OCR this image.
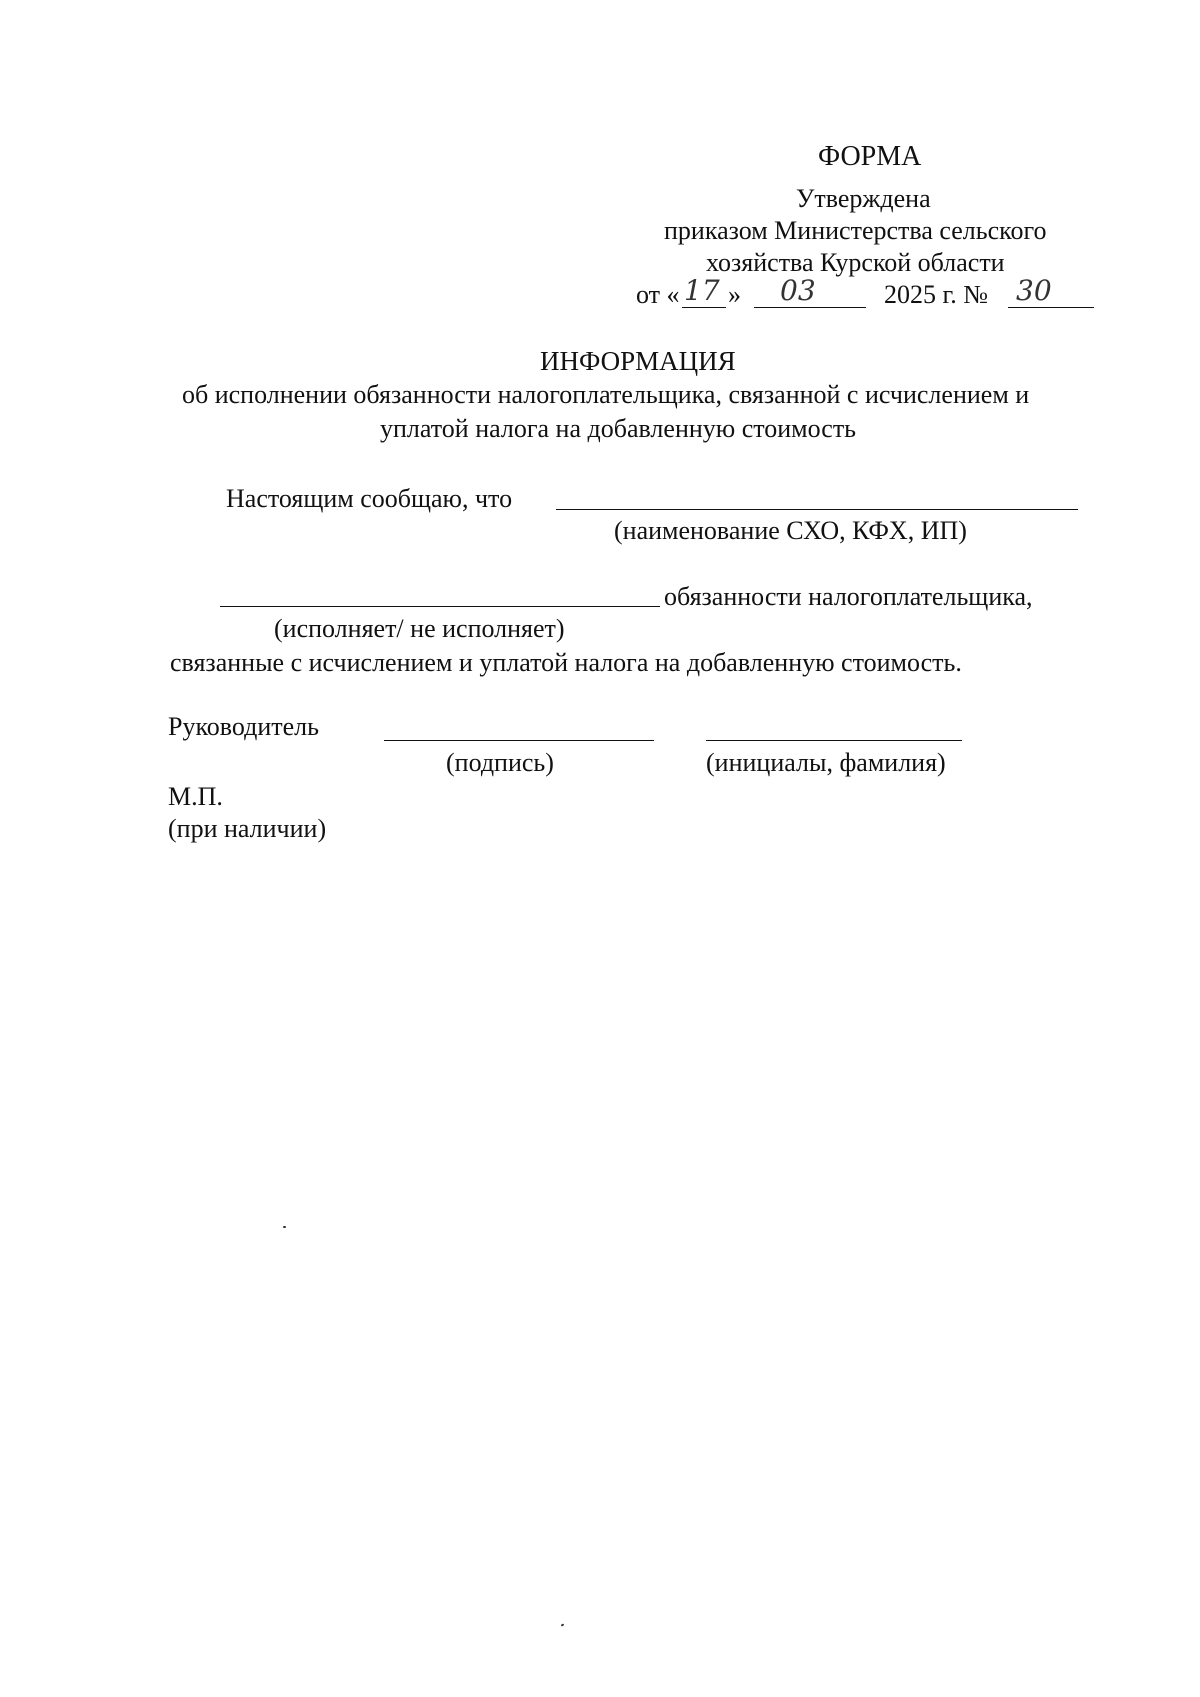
ФОРМА
Утверждена
приказом Министерства сельского
хозяйства Курской области
от « 17 » 03	2025 г. № 30
ИНФОРМАЦИЯ
об исполнении обязанности налогоплательщика, связанной с исчислением и
уплатой налога на добавленную стоимость
Настоящим сообщаю, что
(наименование СХО, КФХ, ИП)
обязанности налогоплательщика,
(исполняет/ не исполняет)
связанные с исчислением и уплатой налога на добавленную стоимость.
Руководитель
(подпись)	(инициалы, фамилия)
М.П.
(при наличии)
